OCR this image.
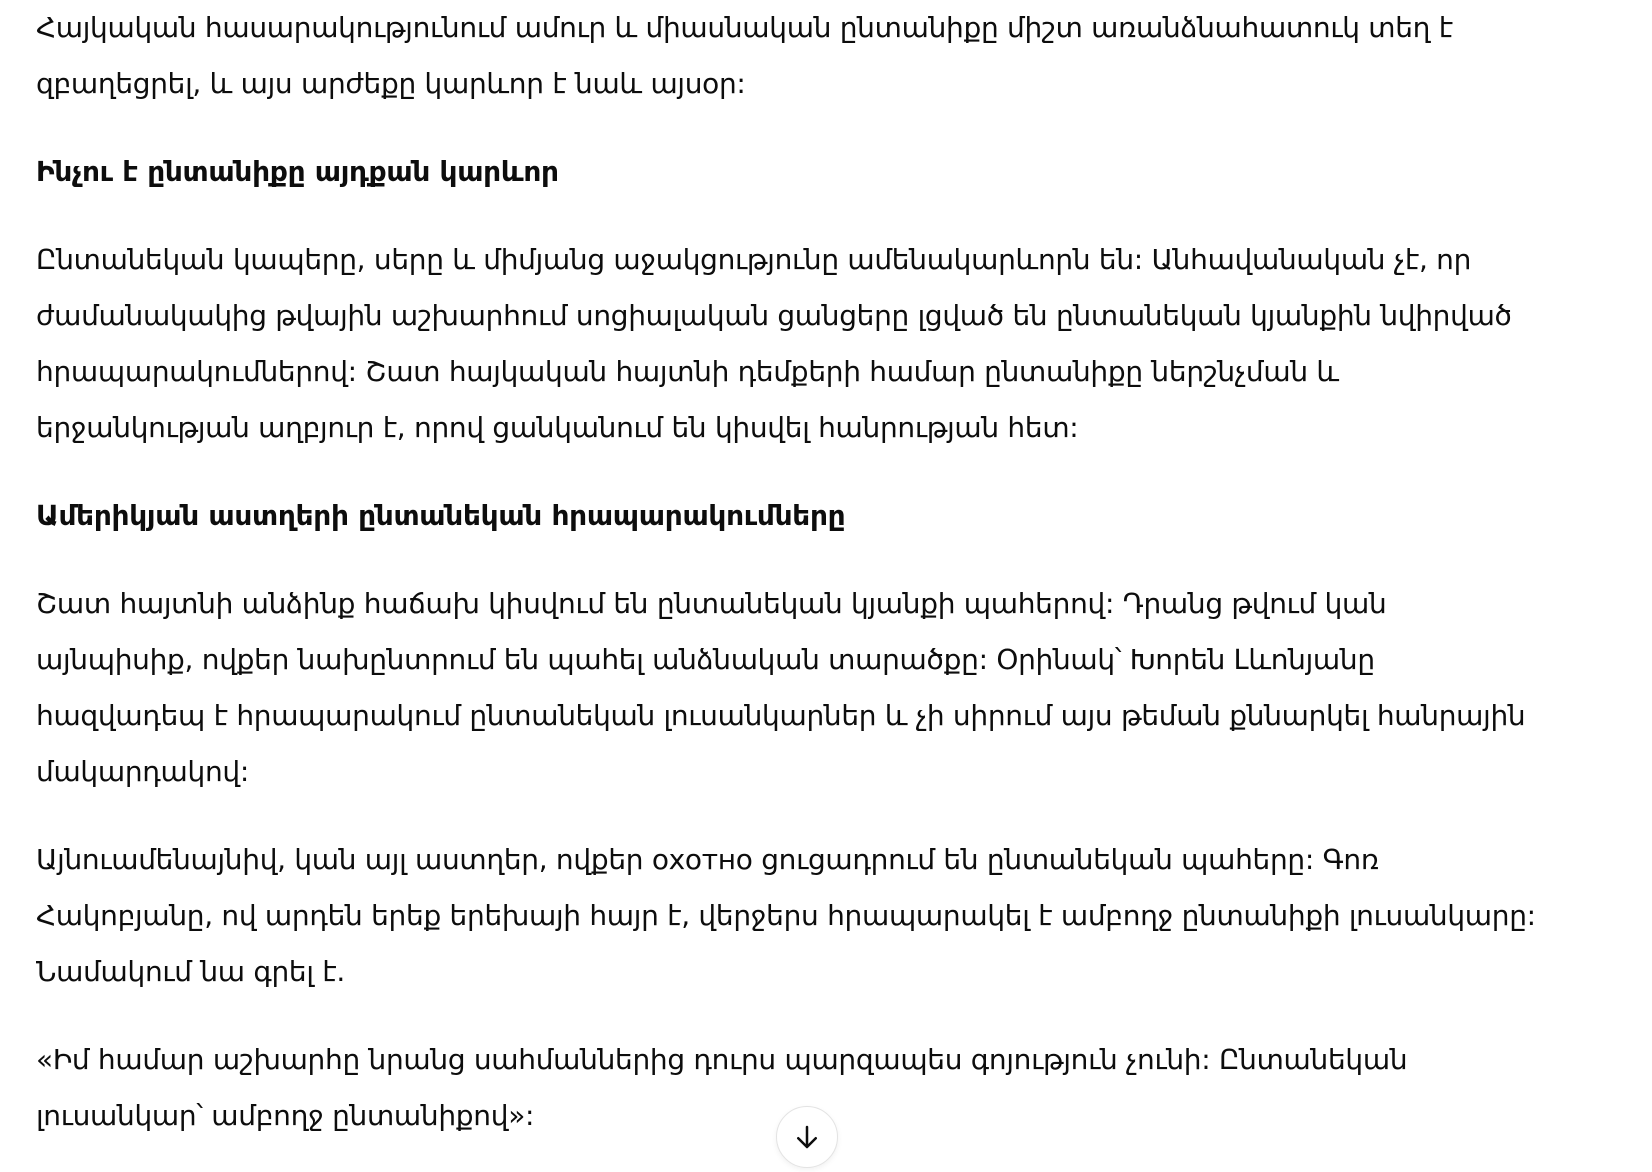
Հայկական հասարակությունում ամուր և միասնական ընտանիքը միշտ առանձնահատուկ տեղ է
զբաղեցրել, և այս արժեքը կարևոր է նաև այսօր:

Ինչու է ընտանիքը այդքան կարևոր

Ընտանեկան կապերը, սերը և միմյանց աջակցությունը ամենակարևորն են: Անհավանական չէ, որ
ժամանակակից թվային աշխարհում սոցիալական ցանցերը լցված են ընտանեկան կյանքին նվիրված
հրապարակումներով: Շատ հայկական հայտնի դեմքերի համար ընտանիքը ներշնչման և
երջանկության աղբյուր է, որով ցանկանում են կիսվել հանրության հետ:

Ամերիկյան աստղերի ընտանեկան հրապարակումները

Շատ հայտնի անձինք հաճախ կիսվում են ընտանեկան կյանքի պահերով: Դրանց թվում կան
այնպիսիք, ովքեր նախընտրում են պահել անձնական տարածքը: Օրինակ՝ Խորեն Լևոնյանը
հազվադեպ է հրապարակում ընտանեկան լուսանկարներ և չի սիրում այս թեման քննարկել հանրային
մակարդակով:

Այնուամենայնիվ, կան այլ աստղեր, ովքեր охотно ցուցադրում են ընտանեկան պահերը: Գոռ
Հակոբյանը, ով արդեն երեք երեխայի հայր է, վերջերս հրապարակել է ամբողջ ընտանիքի լուսանկարը:
Նամակում նա գրել է.

«Իմ համար աշխարհը նրանց սահմաններից դուրս պարզապես գոյություն չունի: Ընտանեկան
լուսանկար՝ ամբողջ ընտանիքով»:
